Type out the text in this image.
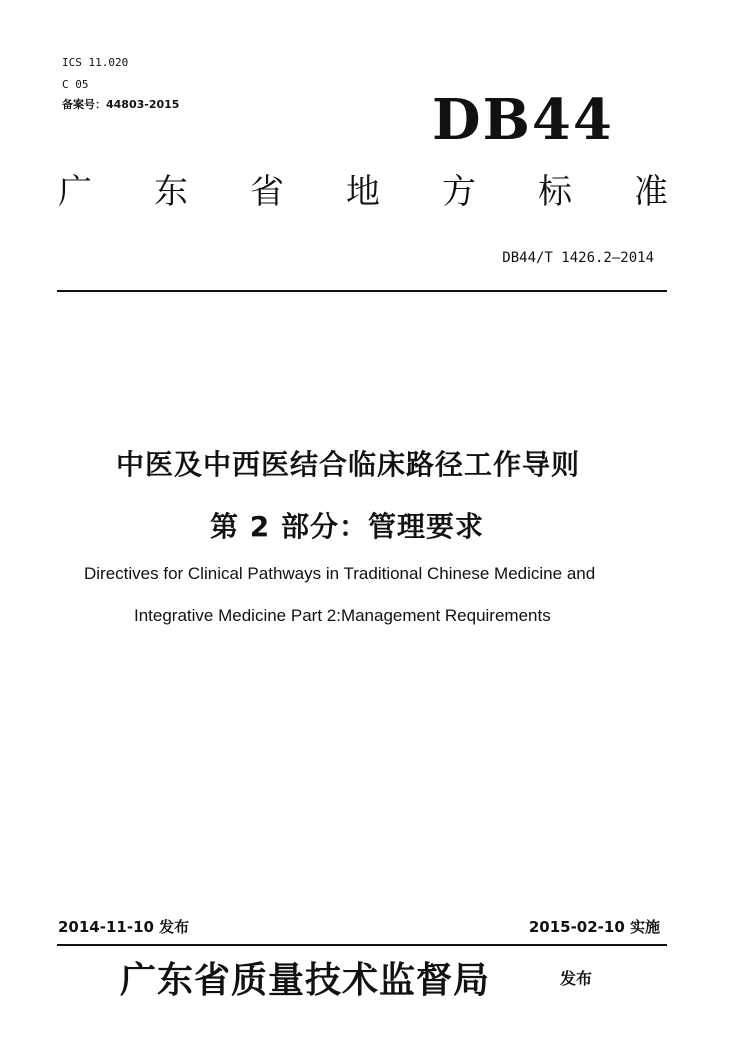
ICS 11.020
C 05
备案号：44803-2015	DB44
广 东 省 地 方 标 准
DB44/T 1426.2—2014
中医及中西医结合临床路径工作导则
第 2 部分：管理要求
Directives for Clinical Pathways in Traditional Chinese Medicine and
Integrative Medicine Part 2:Management Requirements
2014-11-10 发布	2015-02-10 实施
广东省质量技术监督局	发布
